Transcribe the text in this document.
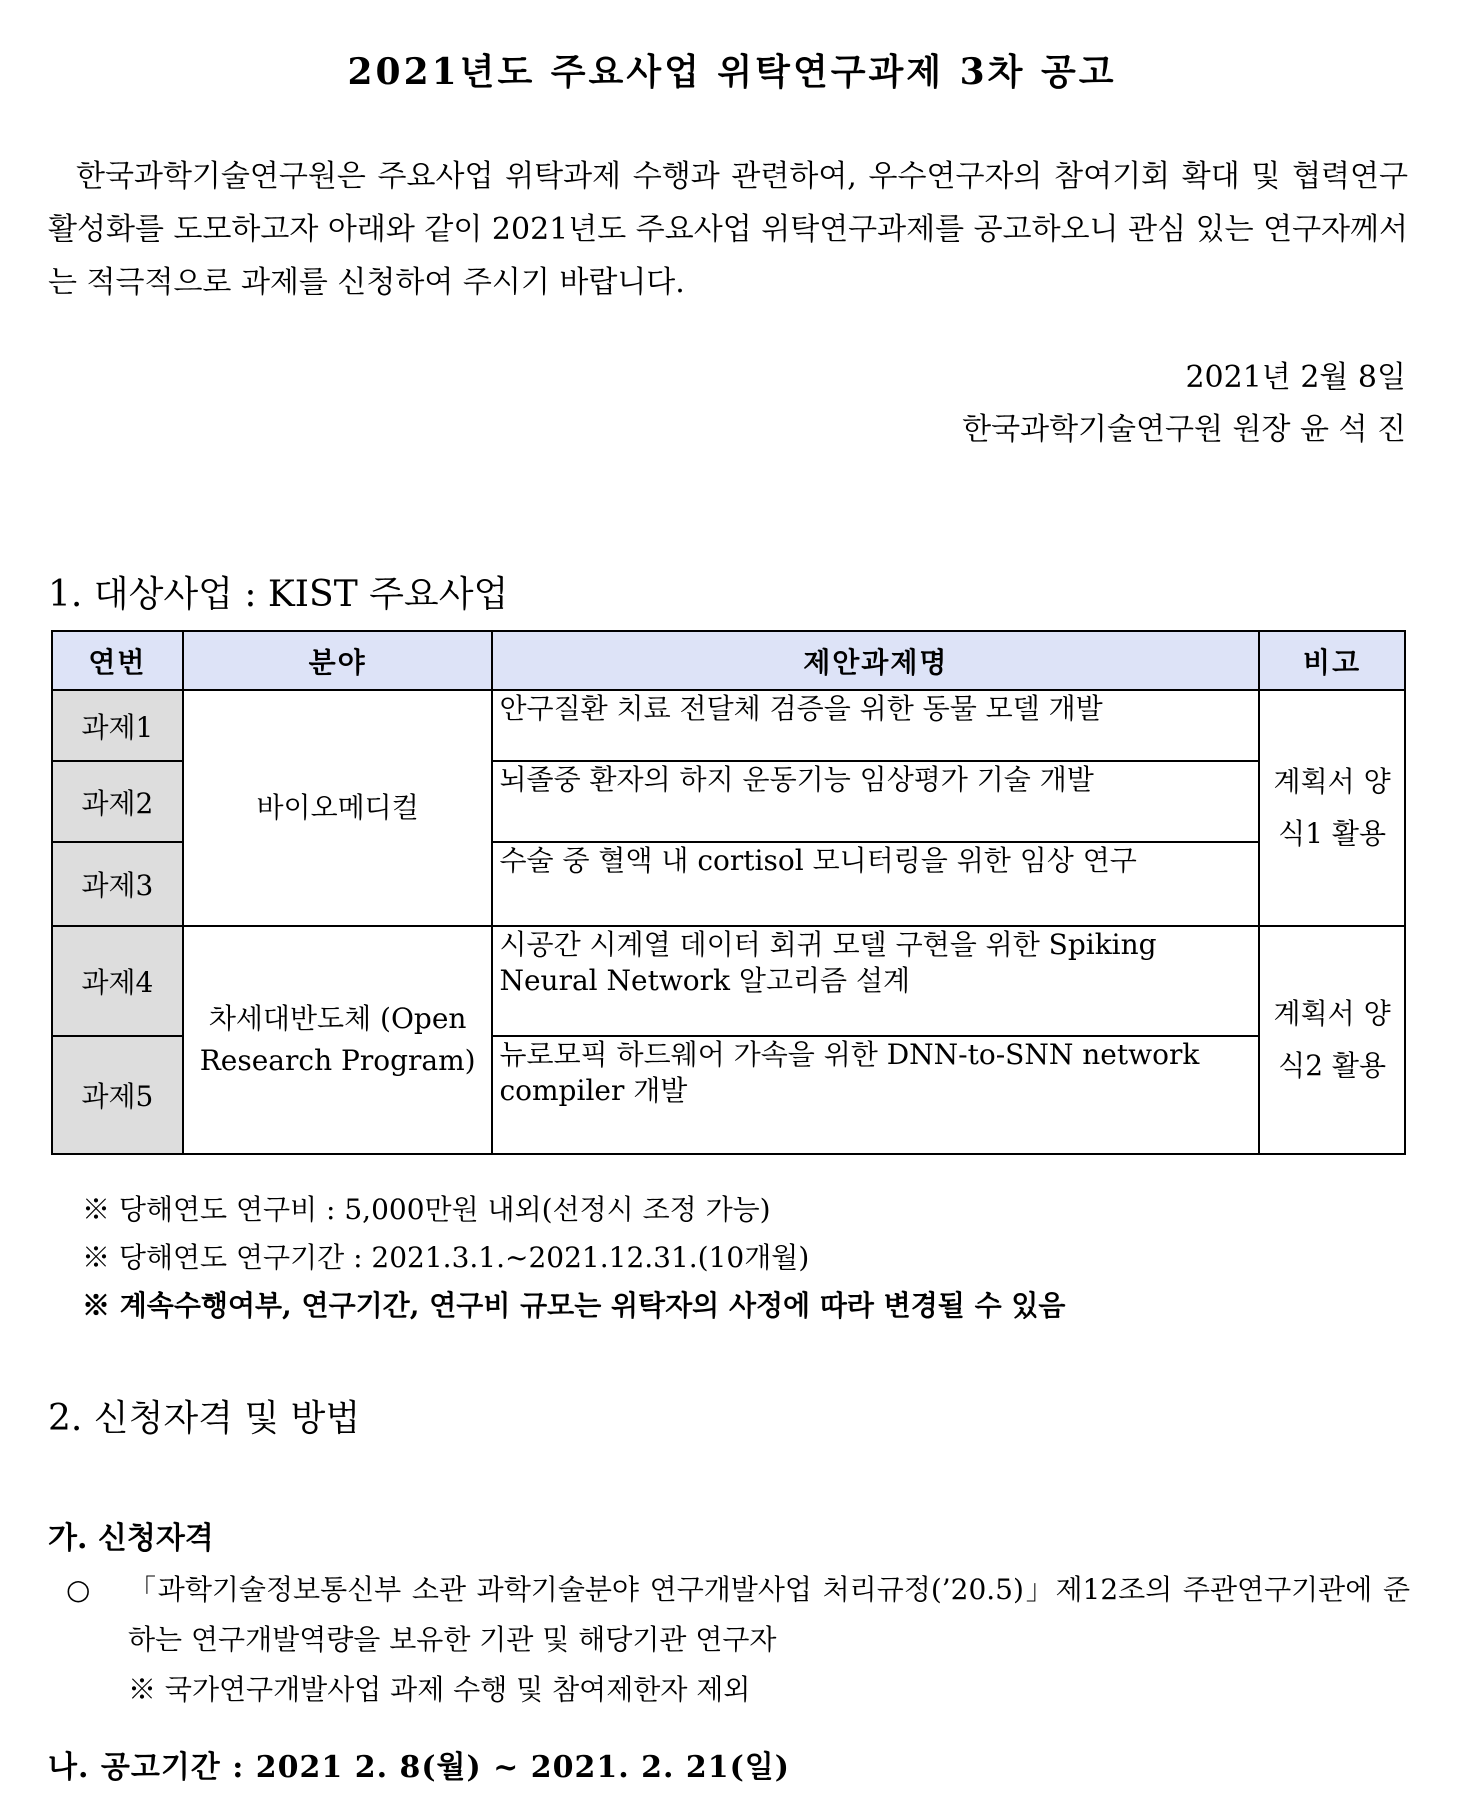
2021년도 주요사업 위탁연구과제 3차 공고

한국과학기술연구원은 주요사업 위탁과제 수행과 관련하여, 우수연구자의 참여기회 확대 및 협력연구 활성화를 도모하고자 아래와 같이 2021년도 주요사업 위탁연구과제를 공고하오니 관심 있는 연구자께서는 적극적으로 과제를 신청하여 주시기 바랍니다.

2021년 2월 8일

한국과학기술연구원 원장 윤 석 진

1. 대상사업 : KIST 주요사업
연번	분야	제안과제명	비고
과제1	바이오메디컬	안구질환 치료 전달체 검증을 위한 동물 모델 개발	계획서 양식1 활용
과제2		뇌졸중 환자의 하지 운동기능 임상평가 기술 개발	
과제3		수술 중 혈액 내 cortisol 모니터링을 위한 임상 연구	
과제4	차세대반도체 (Open Research Program)	시공간 시계열 데이터 회귀 모델 구현을 위한 Spiking Neural Network 알고리즘 설계	계획서 양식2 활용
과제5		뉴로모픽 하드웨어 가속을 위한 DNN-to-SNN network compiler 개발	
※ 당해연도 연구비 : 5,000만원 내외(선정시 조정 가능)
※ 당해연도 연구기간 : 2021.3.1.~2021.12.31.(10개월)
※ 계속수행여부, 연구기간, 연구비 규모는 위탁자의 사정에 따라 변경될 수 있음
2. 신청자격 및 방법
가. 신청자격
○	「과학기술정보통신부 소관 과학기술분야 연구개발사업 처리규정(’20.5)」제12조의 주관연구기관에 준하는 연구개발역량을 보유한 기관 및 해당기관 연구자
※ 국가연구개발사업 과제 수행 및 참여제한자 제외
나. 공고기간 : 2021 2. 8(월) ~ 2021. 2. 21(일)
